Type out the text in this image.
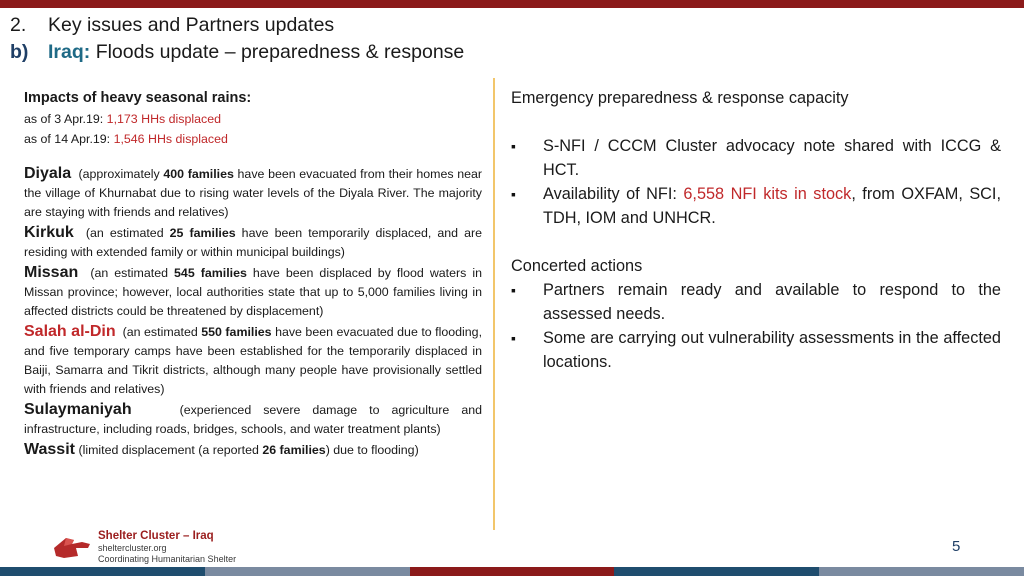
2. Key issues and Partners updates
b) Iraq: Floods update – preparedness & response
Impacts of heavy seasonal rains:
as of 3 Apr.19: 1,173 HHs displaced
as of 14 Apr.19: 1,546 HHs displaced
Diyala (approximately 400 families have been evacuated from their homes near the village of Khurnabat due to rising water levels of the Diyala River. The majority are staying with friends and relatives)
Kirkuk (an estimated 25 families have been temporarily displaced, and are residing with extended family or within municipal buildings)
Missan (an estimated 545 families have been displaced by flood waters in Missan province; however, local authorities state that up to 5,000 families living in affected districts could be threatened by displacement)
Salah al-Din (an estimated 550 families have been evacuated due to flooding, and five temporary camps have been established for the temporarily displaced in Baiji, Samarra and Tikrit districts, although many people have provisionally settled with friends and relatives)
Sulaymaniyah	(experienced severe damage to agriculture and infrastructure, including roads, bridges, schools, and water treatment plants)
Wassit (limited displacement (a reported 26 families) due to flooding)
Emergency preparedness & response capacity
▪ S-NFI / CCCM Cluster advocacy note shared with ICCG & HCT.
▪ Availability of NFI: 6,558 NFI kits in stock, from OXFAM, SCI, TDH, IOM and UNHCR.
Concerted actions
▪ Partners remain ready and available to respond to the assessed needs.
▪ Some are carrying out vulnerability assessments in the affected locations.
Shelter Cluster – Iraq
sheltercluster.org
Coordinating Humanitarian Shelter
5
